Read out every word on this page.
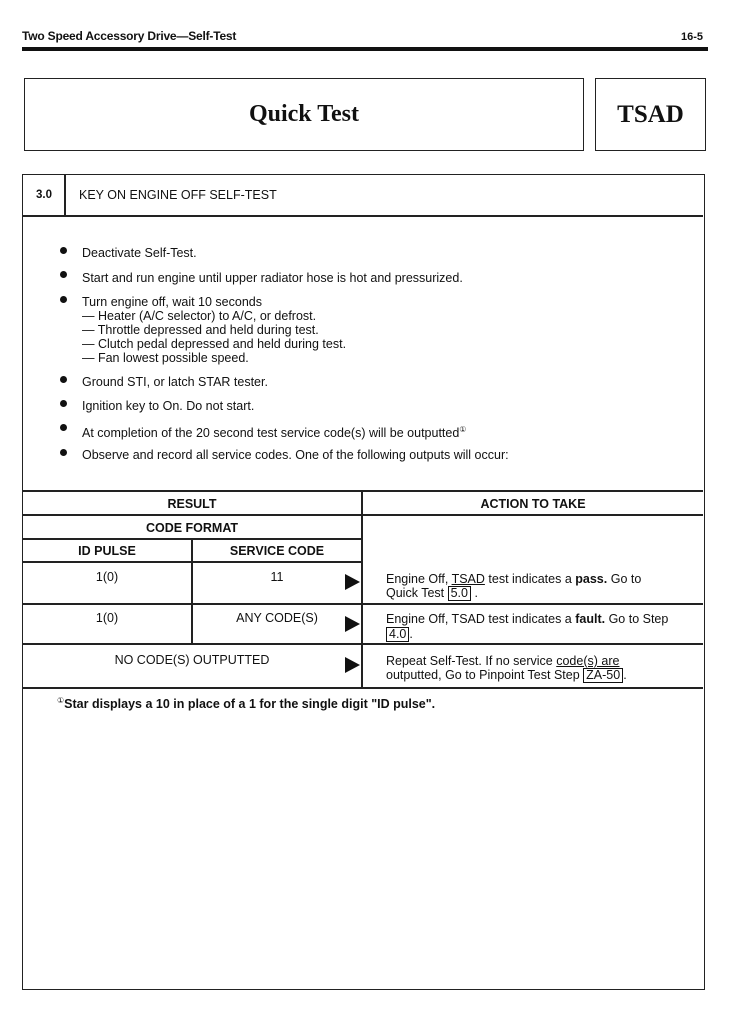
Two Speed Accessory Drive—Self-Test	16-5
Quick Test	TSAD
3.0 KEY ON ENGINE OFF SELF-TEST
Deactivate Self-Test.
Start and run engine until upper radiator hose is hot and pressurized.
Turn engine off, wait 10 seconds
— Heater (A/C selector) to A/C, or defrost.
— Throttle depressed and held during test.
— Clutch pedal depressed and held during test.
— Fan lowest possible speed.
Ground STI, or latch STAR tester.
Ignition key to On. Do not start.
At completion of the 20 second test service code(s) will be outputted①
Observe and record all service codes. One of the following outputs will occur:
RESULT	ACTION TO TAKE
CODE FORMAT
ID PULSE	SERVICE CODE
1(0)	11	Engine Off, TSAD test indicates a pass. Go to
Quick Test 5.0 .
1(0)	ANY CODE(S)	Engine Off, TSAD test indicates a fault. Go to Step
4.0 .
NO CODE(S) OUTPUTTED	Repeat Self-Test. If no service code(s) are
outputted, Go to Pinpoint Test Step ZA-50 .
①Star displays a 10 in place of a 1 for the single digit "ID pulse".
